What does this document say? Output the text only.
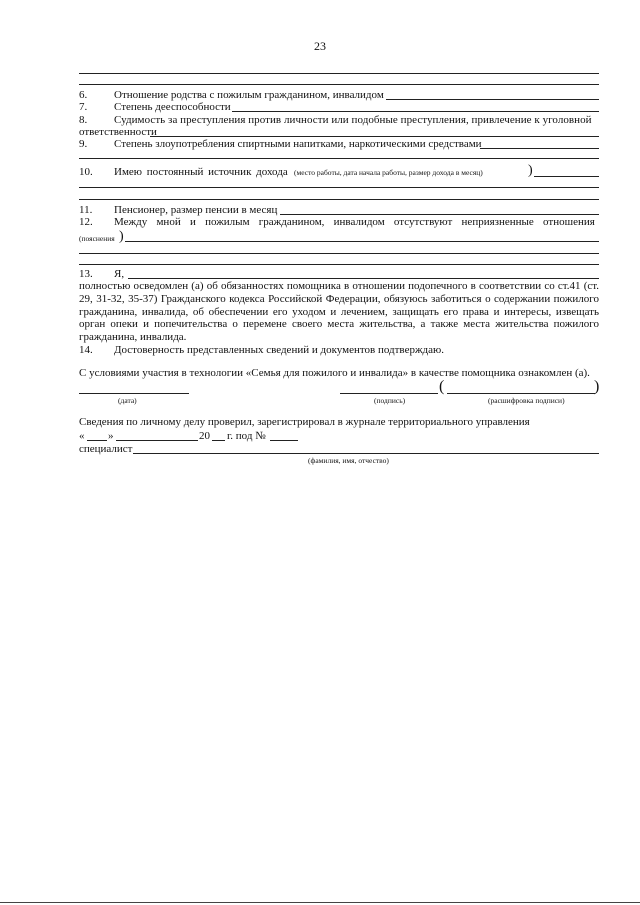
23
6. Отношение родства с пожилым гражданином, инвалидом
7. Степень дееспособности
8. Судимость за преступления против личности или подобные преступления, привлечение к уголовной
ответственности
9. Степень злоупотребления спиртными напитками, наркотическими средствами
10. Имею постоянный источник дохода (место работы, дата начала работы, размер дохода в месяц)	)
11. Пенсионер, размер пенсии в месяц
12. Между мной и пожилым гражданином, инвалидом отсутствуют неприязненные отношения
(пояснения )
13. Я,
полностью осведомлен (а) об обязанностях помощника в отношении подопечного в соответствии со ст.41 (ст. 29, 31-32, 35-37) Гражданского кодекса Российской Федерации, обязуюсь заботиться о содержании пожилого гражданина, инвалида, об обеспечении его уходом и лечением, защищать его права и интересы, извещать орган опеки и попечительства о перемене своего места жительства, а также места жительства пожилого гражданина, инвалида.
14. Достоверность представленных сведений и документов подтверждаю.
С условиями участия в технологии «Семья для пожилого и инвалида» в качестве помощника ознакомлен (а).
(дата)	(подпись)
(	)
(расшифровка подписи)
Сведения по личному делу проверил, зарегистрировал в журнале территориального управления
« »	20 г. под №
специалист
(фамилия, имя, отчество)
